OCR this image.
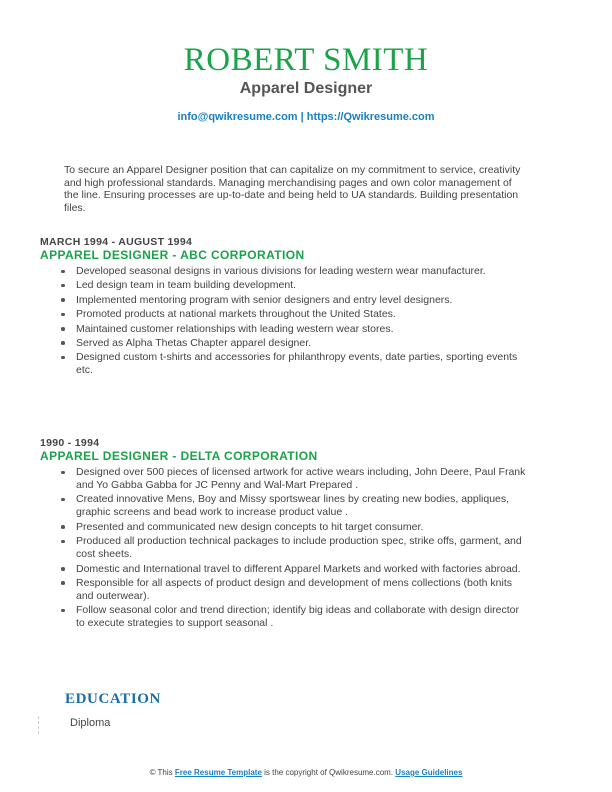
ROBERT SMITH
Apparel Designer
info@qwikresume.com | https://Qwikresume.com
To secure an Apparel Designer position that can capitalize on my commitment to service, creativity and high professional standards. Managing merchandising pages and own color management of the line. Ensuring processes are up-to-date and being held to UA standards. Building presentation files.
MARCH 1994 - AUGUST 1994
APPAREL DESIGNER - ABC CORPORATION
Developed seasonal designs in various divisions for leading western wear manufacturer.
Led design team in team building development.
Implemented mentoring program with senior designers and entry level designers.
Promoted products at national markets throughout the United States.
Maintained customer relationships with leading western wear stores.
Served as Alpha Thetas Chapter apparel designer.
Designed custom t-shirts and accessories for philanthropy events, date parties, sporting events etc.
1990 - 1994
APPAREL DESIGNER - DELTA CORPORATION
Designed over 500 pieces of licensed artwork for active wears including, John Deere, Paul Frank and Yo Gabba Gabba for JC Penny and Wal-Mart Prepared .
Created innovative Mens, Boy and Missy sportswear lines by creating new bodies, appliques, graphic screens and bead work to increase product value .
Presented and communicated new design concepts to hit target consumer.
Produced all production technical packages to include production spec, strike offs, garment, and cost sheets.
Domestic and International travel to different Apparel Markets and worked with factories abroad.
Responsible for all aspects of product design and development of mens collections (both knits and outerwear).
Follow seasonal color and trend direction; identify big ideas and collaborate with design director to execute strategies to support seasonal .
EDUCATION
Diploma
© This Free Resume Template is the copyright of Qwikresume.com. Usage Guidelines
